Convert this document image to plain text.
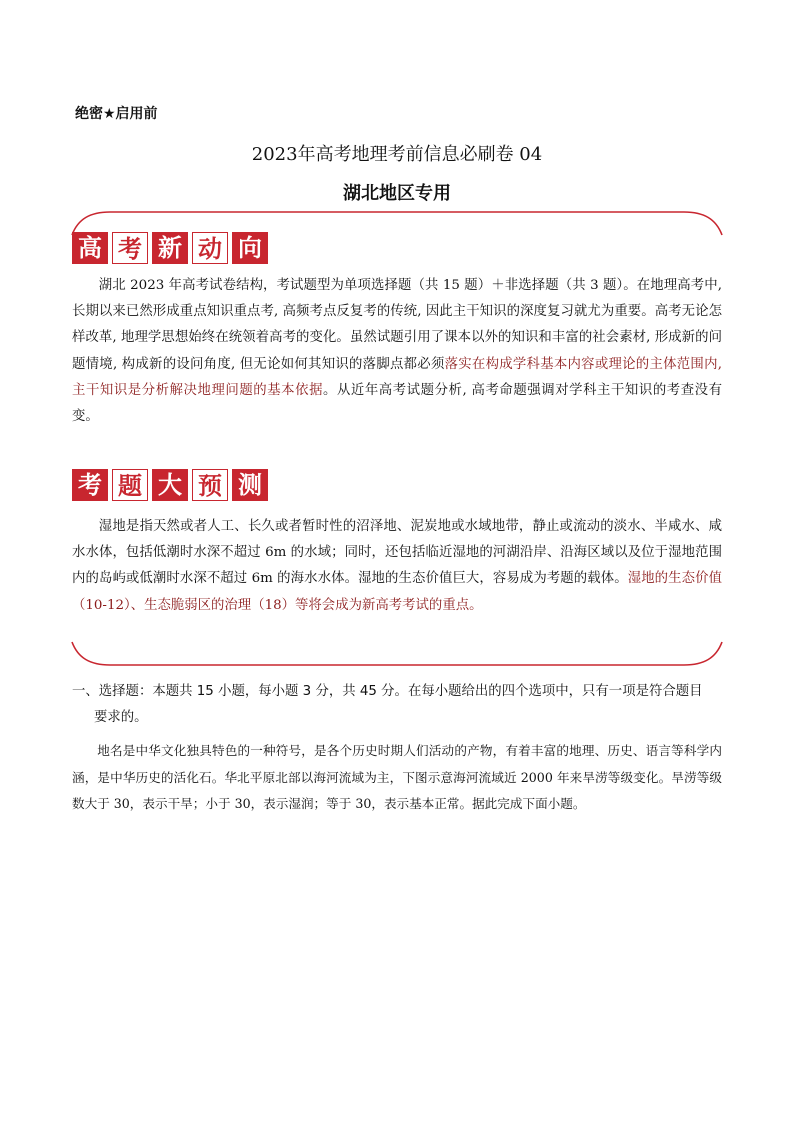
绝密★启用前
2023年高考地理考前信息必刷卷 04
湖北地区专用
高 考 新 动 向
湖北 2023 年高考试卷结构，考试题型为单项选择题（共 15 题）＋非选择题（共 3 题）。在地理高考中, 长期以来已然形成重点知识重点考, 高频考点反复考的传统, 因此主干知识的深度复习就尤为重要。高考无论怎样改革, 地理学思想始终在统领着高考的变化。虽然试题引用了课本以外的知识和丰富的社会素材, 形成新的问题情境, 构成新的设问角度, 但无论如何其知识的落脚点都必须落实在构成学科基本内容或理论的主体范围内, 主干知识是分析解决地理问题的基本依据。从近年高考试题分析, 高考命题强调对学科主干知识的考查没有变。
考 题 大 预 测
湿地是指天然或者人工、长久或者暂时性的沼泽地、泥炭地或水域地带，静止或流动的淡水、半咸水、咸水水体，包括低潮时水深不超过 6m 的水域；同时，还包括临近湿地的河湖沿岸、沿海区域以及位于湿地范围内的岛屿或低潮时水深不超过 6m 的海水水体。湿地的生态价值巨大，容易成为考题的载体。湿地的生态价值（10-12）、生态脆弱区的治理（18）等将会成为新高考考试的重点。
一、选择题：本题共 15 小题，每小题 3 分，共 45 分。在每小题给出的四个选项中，只有一项是符合题目
要求的。
地名是中华文化独具特色的一种符号，是各个历史时期人们活动的产物，有着丰富的地理、历史、语言等科学内涵，是中华历史的活化石。华北平原北部以海河流域为主，下图示意海河流域近 2000 年来旱涝等级变化。旱涝等级数大于 30，表示干旱；小于 30，表示湿润；等于 30，表示基本正常。据此完成下面小题。
